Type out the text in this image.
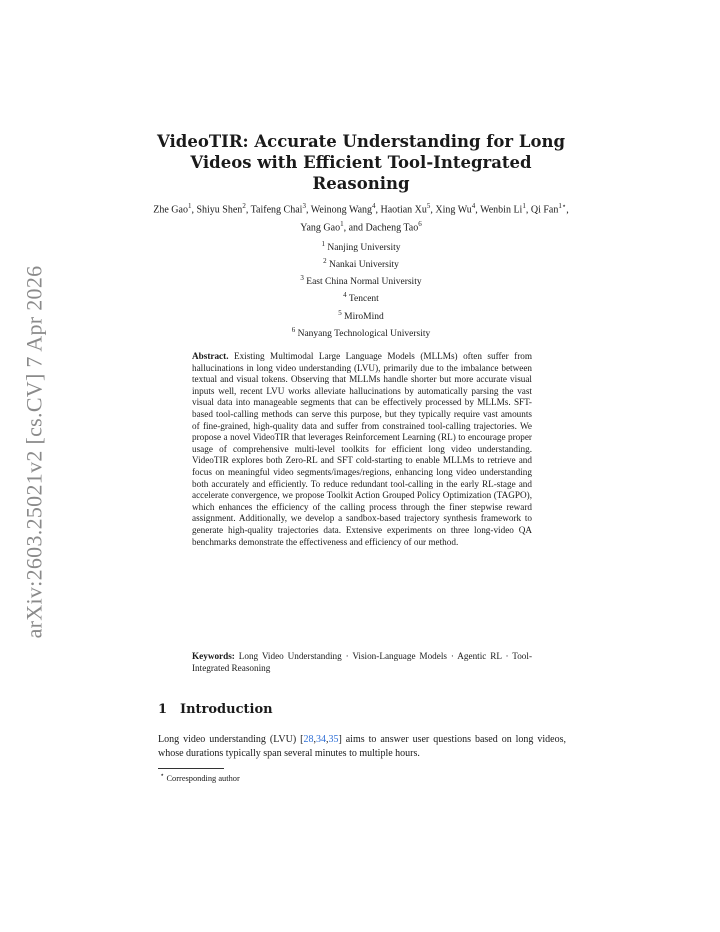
arXiv:2603.25021v2 [cs.CV] 7 Apr 2026
VideoTIR: Accurate Understanding for Long Videos with Efficient Tool-Integrated Reasoning
Zhe Gao$^1$, Shiyu Shen$^2$, Taifeng Chai$^3$, Weinong Wang$^4$, Haotian Xu$^5$, Xing Wu$^4$, Wenbin Li$^1$, Qi Fan$^{1⋆}$, Yang Gao$^1$, and Dacheng Tao$^6$
$^1$ Nanjing University
$^2$ Nankai University
$^3$ East China Normal University
$^4$ Tencent
$^5$ MiroMind
$^6$ Nanyang Technological University
Abstract. Existing Multimodal Large Language Models (MLLMs) often suffer from hallucinations in long video understanding (LVU), primarily due to the imbalance between textual and visual tokens. Observing that MLLMs handle shorter but more accurate visual inputs well, recent LVU works alleviate hallucinations by automatically parsing the vast visual data into manageable segments that can be effectively processed by MLLMs. SFT-based tool-calling methods can serve this purpose, but they typically require vast amounts of fine-grained, high-quality data and suffer from constrained tool-calling trajectories. We propose a novel VideoTIR that leverages Reinforcement Learning (RL) to encourage proper usage of comprehensive multi-level toolkits for efficient long video understanding. VideoTIR explores both Zero-RL and SFT cold-starting to enable MLLMs to retrieve and focus on meaningful video segments/images/regions, enhancing long video understanding both accurately and efficiently. To reduce redundant tool-calling in the early RL-stage and accelerate convergence, we propose Toolkit Action Grouped Policy Optimization (TAGPO), which enhances the efficiency of the calling process through the finer stepwise reward assignment. Additionally, we develop a sandbox-based trajectory synthesis framework to generate high-quality trajectories data. Extensive experiments on three long-video QA benchmarks demonstrate the effectiveness and efficiency of our method.
Keywords: Long Video Understanding · Vision-Language Models · Agentic RL · Tool-Integrated Reasoning
1 Introduction
Long video understanding (LVU) [28,34,35] aims to answer user questions based on long videos, whose durations typically span several minutes to multiple hours.
⋆ Corresponding author
